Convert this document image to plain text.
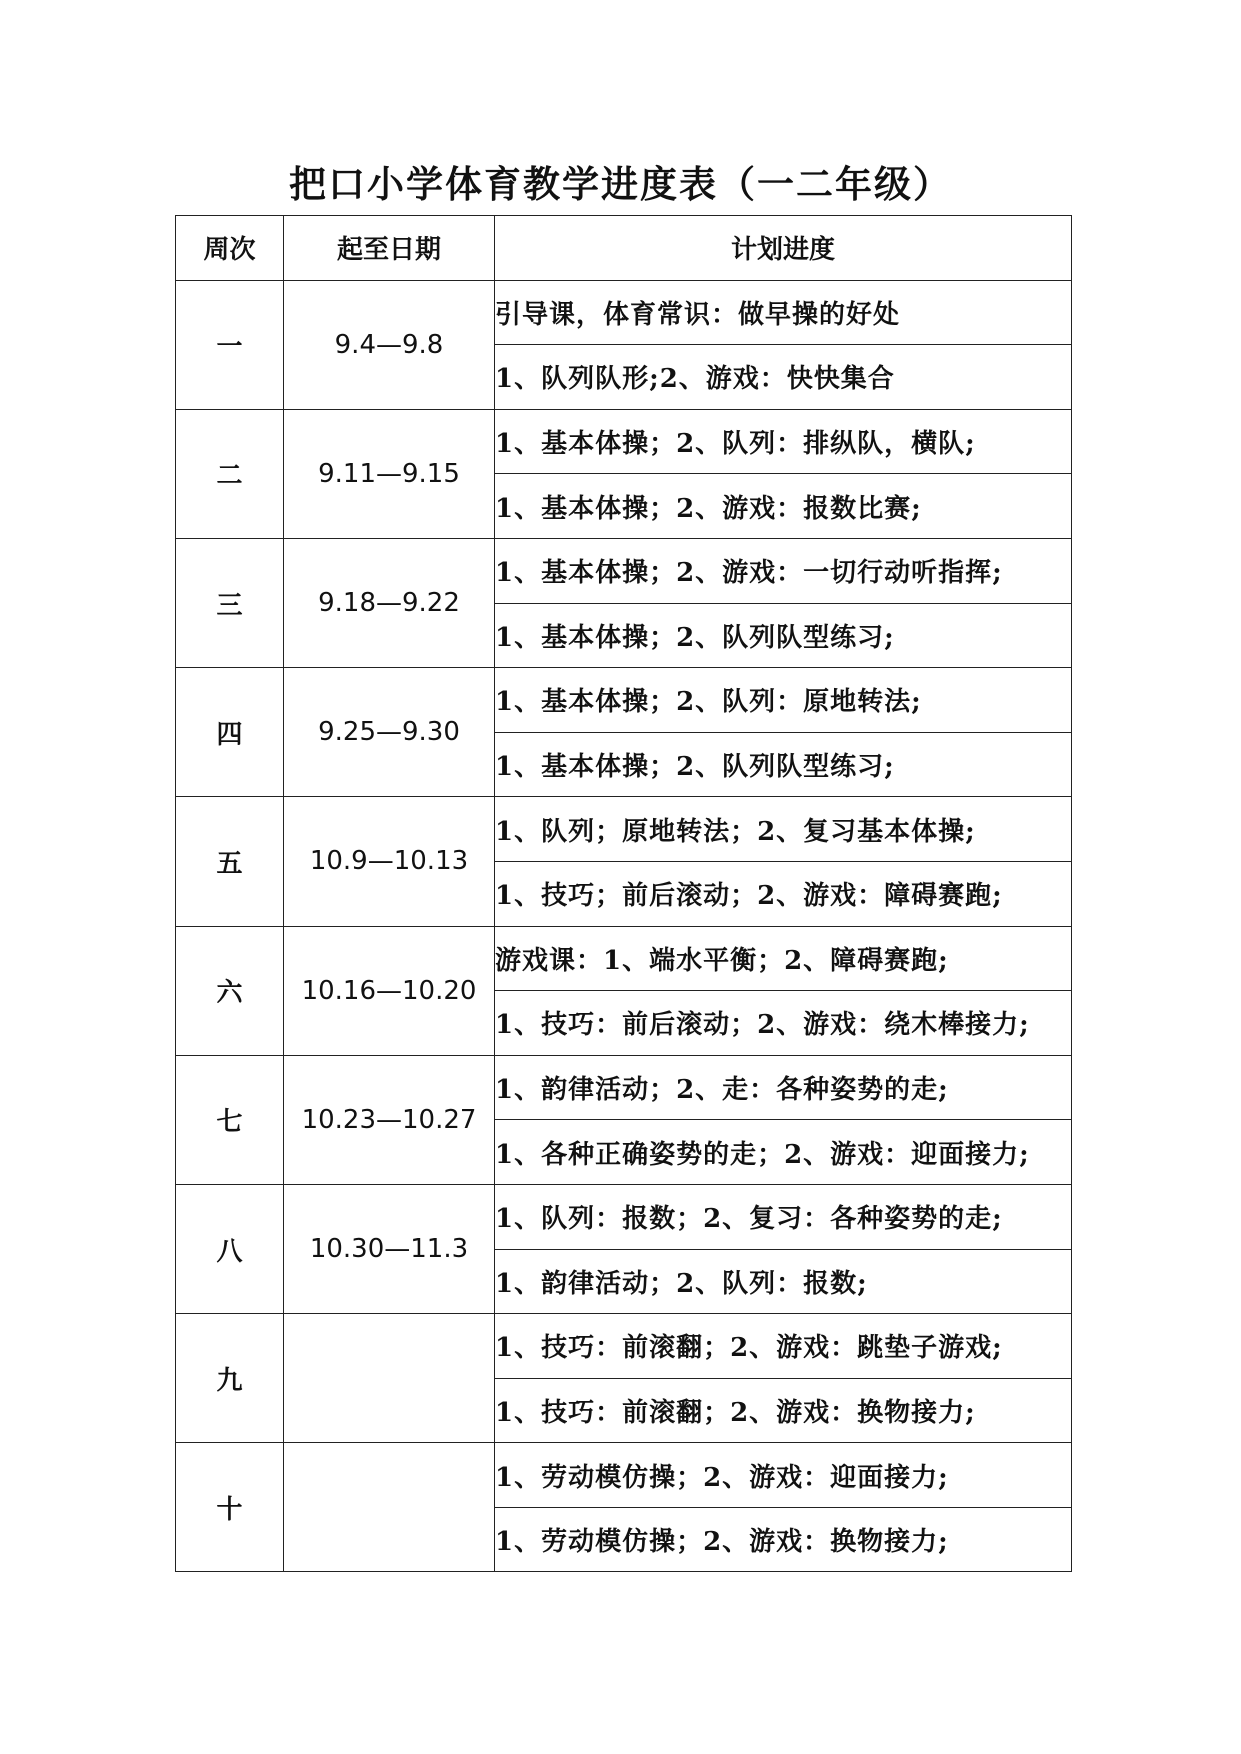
把口小学体育教学进度表（一二年级）
周次	起至日期	计划进度
一	9.4—9.8	引导课，体育常识：做早操的好处
		1、队列队形;2、游戏：快快集合
二	9.11—9.15	1、基本体操；2、队列：排纵队，横队;
		1、基本体操；2、游戏：报数比赛;
三	9.18—9.22	1、基本体操；2、游戏：一切行动听指挥;
		1、基本体操；2、队列队型练习;
四	9.25—9.30	1、基本体操；2、队列：原地转法;
		1、基本体操；2、队列队型练习;
五	10.9—10.13	1、队列；原地转法；2、复习基本体操;
		1、技巧；前后滚动；2、游戏：障碍赛跑;
六	10.16—10.20	游戏课：1、端水平衡；2、障碍赛跑;
		1、技巧：前后滚动；2、游戏：绕木棒接力;
七	10.23—10.27	1、韵律活动；2、走：各种姿势的走;
		1、各种正确姿势的走；2、游戏：迎面接力;
八	10.30—11.3	1、队列：报数；2、复习：各种姿势的走;
		1、韵律活动；2、队列：报数;
九		1、技巧：前滚翻；2、游戏：跳垫子游戏;
		1、技巧：前滚翻；2、游戏：换物接力;
十		1、劳动模仿操；2、游戏：迎面接力;
		1、劳动模仿操；2、游戏：换物接力;
